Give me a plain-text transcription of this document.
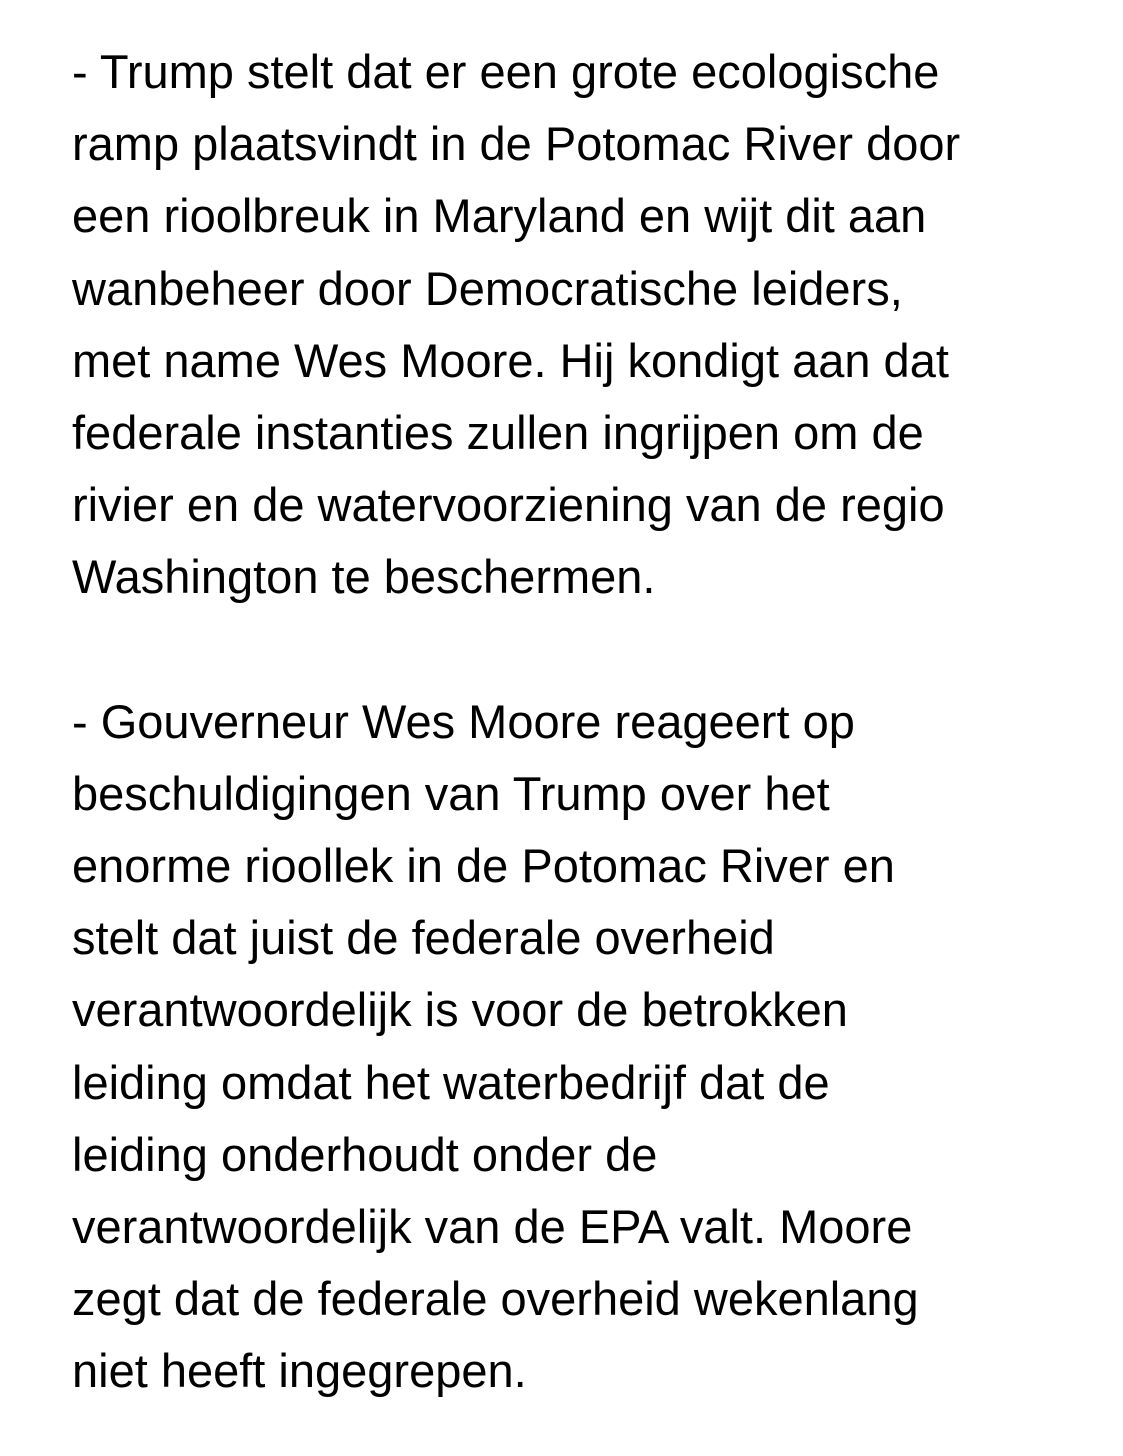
- Trump stelt dat er een grote ecologische
ramp plaatsvindt in de Potomac River door
een rioolbreuk in Maryland en wijt dit aan
wanbeheer door Democratische leiders,
met name Wes Moore. Hij kondigt aan dat
federale instanties zullen ingrijpen om de
rivier en de watervoorziening van de regio
Washington te beschermen.
- Gouverneur Wes Moore reageert op
beschuldigingen van Trump over het
enorme rioollek in de Potomac River en
stelt dat juist de federale overheid
verantwoordelijk is voor de betrokken
leiding omdat het waterbedrijf dat de
leiding onderhoudt onder de
verantwoordelijk van de EPA valt. Moore
zegt dat de federale overheid wekenlang
niet heeft ingegrepen.
